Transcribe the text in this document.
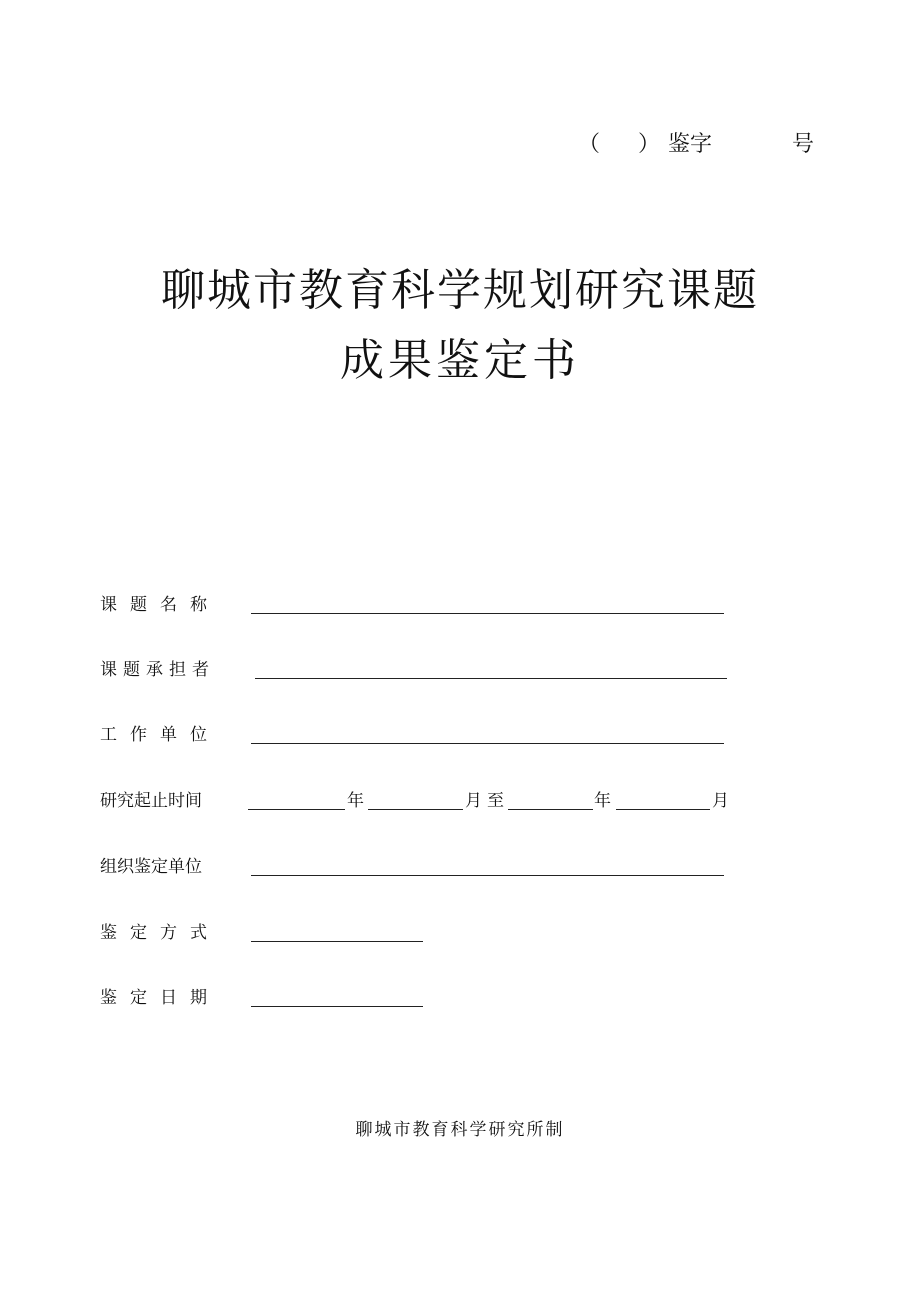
（ ） 鉴字	号
聊城市教育科学规划研究课题
成果鉴定书
课题名称
课题承担者
工作单位
研究起止时间	年	月 至	年	月
组织鉴定单位
鉴定方式
鉴定日期
聊城市教育科学研究所制
